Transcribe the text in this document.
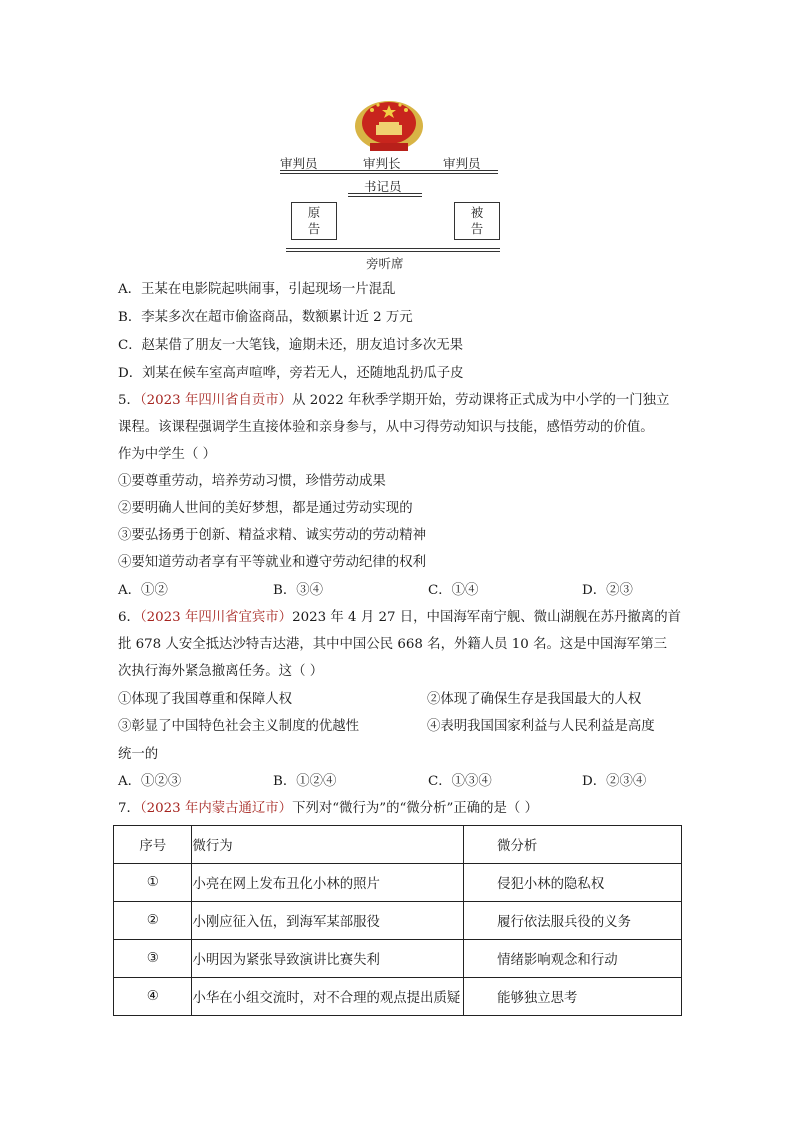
审判员	审判长	审判员
书记员
原
告
被
告
旁听席
A．王某在电影院起哄闹事，引起现场一片混乱
B．李某多次在超市偷盗商品，数额累计近 2 万元
C．赵某借了朋友一大笔钱，逾期未还，朋友追讨多次无果
D．刘某在候车室高声喧哗，旁若无人，还随地乱扔瓜子皮
5．（2023 年四川省自贡市）从 2022 年秋季学期开始，劳动课将正式成为中小学的一门独立
课程。该课程强调学生直接体验和亲身参与，从中习得劳动知识与技能，感悟劳动的价值。
作为中学生（ ）
①要尊重劳动，培养劳动习惯，珍惜劳动成果
②要明确人世间的美好梦想，都是通过劳动实现的
③要弘扬勇于创新、精益求精、诚实劳动的劳动精神
④要知道劳动者享有平等就业和遵守劳动纪律的权利
A．①②	B．③④	C．①④	D．②③
6．（2023 年四川省宜宾市）2023 年 4 月 27 日，中国海军南宁舰、微山湖舰在苏丹撤离的首
批 678 人安全抵达沙特吉达港，其中中国公民 668 名，外籍人员 10 名。这是中国海军第三
次执行海外紧急撤离任务。这（ ）
①体现了我国尊重和保障人权	②体现了确保生存是我国最大的人权
③彰显了中国特色社会主义制度的优越性	④表明我国国家利益与人民利益是高度
统一的
A．①②③	B．①②④	C．①③④	D．②③④
7．（2023 年内蒙古通辽市）下列对“微行为”的“微分析”正确的是（ ）
序号	微行为	微分析
①	小亮在网上发布丑化小林的照片	侵犯小林的隐私权
②	小刚应征入伍，到海军某部服役	履行依法服兵役的义务
③	小明因为紧张导致演讲比赛失利	情绪影响观念和行动
④	小华在小组交流时，对不合理的观点提出质疑	能够独立思考
